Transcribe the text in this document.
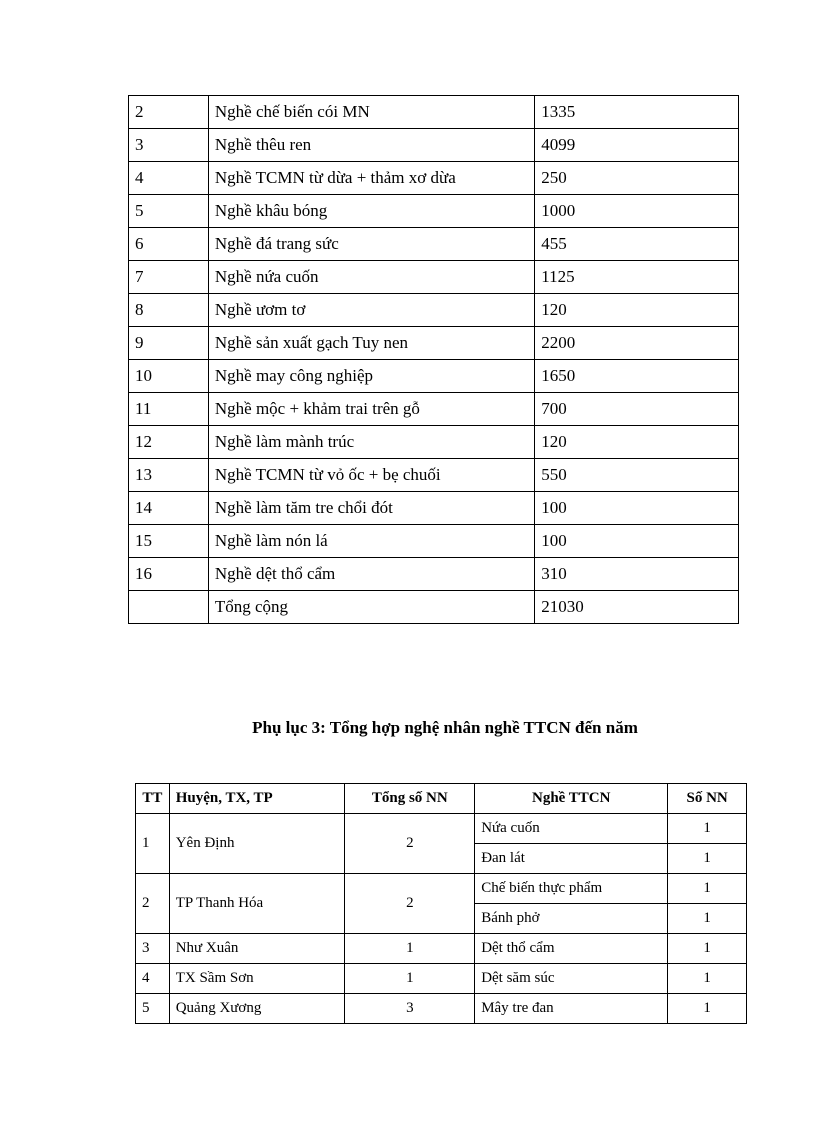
2	Nghề chế biến cói MN	1335
3	Nghề thêu ren	4099
4	Nghề TCMN từ dừa + thảm xơ dừa	250
5	Nghề khâu bóng	1000
6	Nghề đá trang sức	455
7	Nghề nứa cuốn	1125
8	Nghề ươm tơ	120
9	Nghề sản xuất gạch Tuy nen	2200
10	Nghề may công nghiệp	1650
11	Nghề mộc + khảm trai trên gỗ	700
12	Nghề làm mành trúc	120
13	Nghề TCMN từ vỏ ốc + bẹ chuối	550
14	Nghề làm tăm tre chổi đót	100
15	Nghề làm nón lá	100
16	Nghề dệt thổ cẩm	310
	Tổng cộng	21030
Phụ lục 3: Tổng hợp nghệ nhân nghề TTCN đến năm
TT	Huyện, TX, TP	Tổng số NN	Nghề TTCN	Số NN
1	Yên Định	2	Nứa cuốn	1
			Đan lát	1
2	TP Thanh Hóa	2	Chế biến thực phẩm	1
			Bánh phở	1
3	Như Xuân	1	Dệt thổ cẩm	1
4	TX Sầm Sơn	1	Dệt săm súc	1
5	Quảng Xương	3	Mây tre đan	1
